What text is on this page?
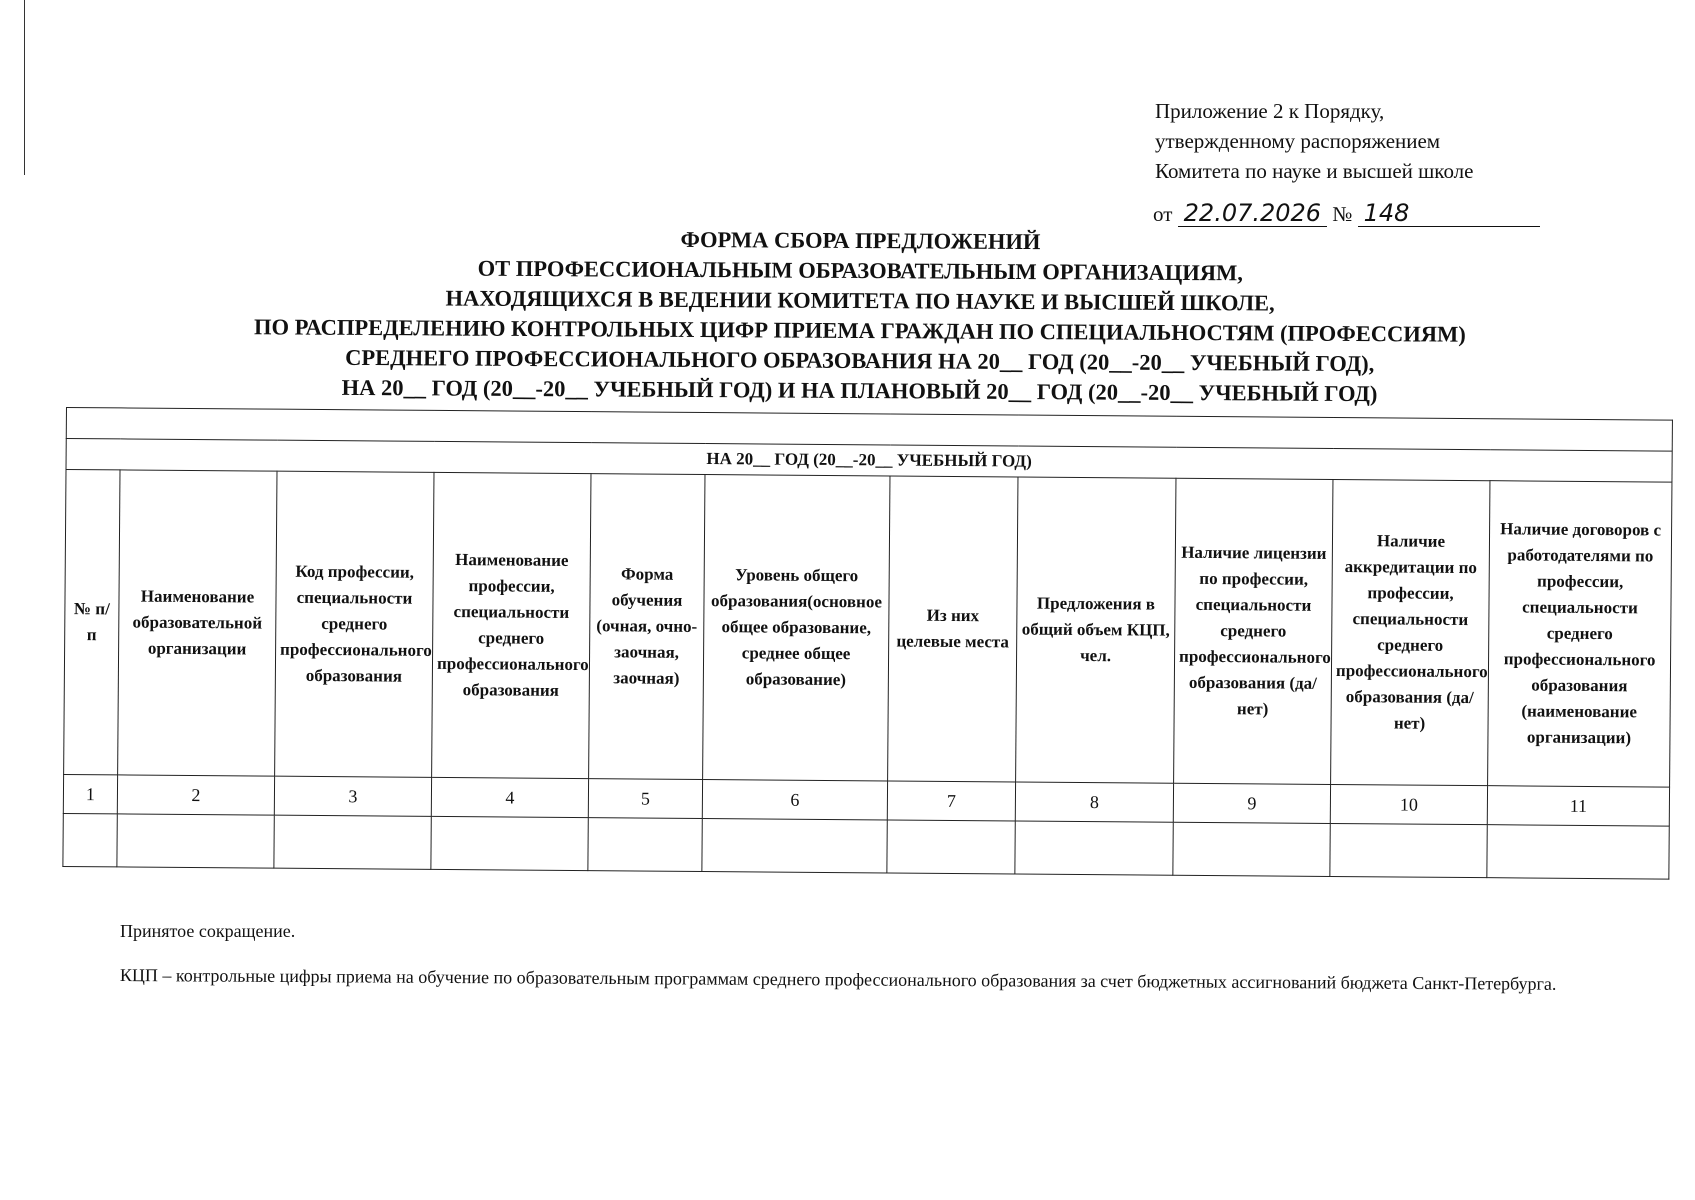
Приложение 2 к Порядку,
утвержденному распоряжением
Комитета по науке и высшей школе
от 22.07.2026 № 148
ФОРМА СБОРА ПРЕДЛОЖЕНИЙ
ОТ ПРОФЕССИОНАЛЬНЫМ ОБРАЗОВАТЕЛЬНЫМ ОРГАНИЗАЦИЯМ,
НАХОДЯЩИХСЯ В ВЕДЕНИИ КОМИТЕТА ПО НАУКЕ И ВЫСШЕЙ ШКОЛЕ,
ПО РАСПРЕДЕЛЕНИЮ КОНТРОЛЬНЫХ ЦИФР ПРИЕМА ГРАЖДАН ПО СПЕЦИАЛЬНОСТЯМ (ПРОФЕССИЯМ)
СРЕДНЕГО ПРОФЕССИОНАЛЬНОГО ОБРАЗОВАНИЯ НА 20__ ГОД (20__-20__ УЧЕБНЫЙ ГОД),
НА 20__ ГОД (20__-20__ УЧЕБНЫЙ ГОД) И НА ПЛАНОВЫЙ 20__ ГОД (20__-20__ УЧЕБНЫЙ ГОД)

НА 20__ ГОД (20__-20__ УЧЕБНЫЙ ГОД)										
№ п/п	Наименование образовательной организации	Код профессии, специальности среднего профессионального образования	Наименование профессии, специальности среднего профессионального образования	Форма обучения (очная, очно-заочная, заочная)	Уровень общего образования(основное общее образование, среднее общее образование)	Из них целевые места	Предложения в общий объем КЦП, чел.	Наличие лицензии по профессии, специальности среднего профессионального образования (да/нет)	Наличие аккредитации по профессии, специальности среднего профессионального образования (да/нет)	Наличие договоров с работодателями по профессии, специальности среднего профессионального образования (наименование организации)
1	2	3	4	5	6	7	8	9	10	11

Принятое сокращение.
КЦП – контрольные цифры приема на обучение по образовательным программам среднего профессионального образования за счет бюджетных ассигнований бюджета Санкт-Петербурга.
